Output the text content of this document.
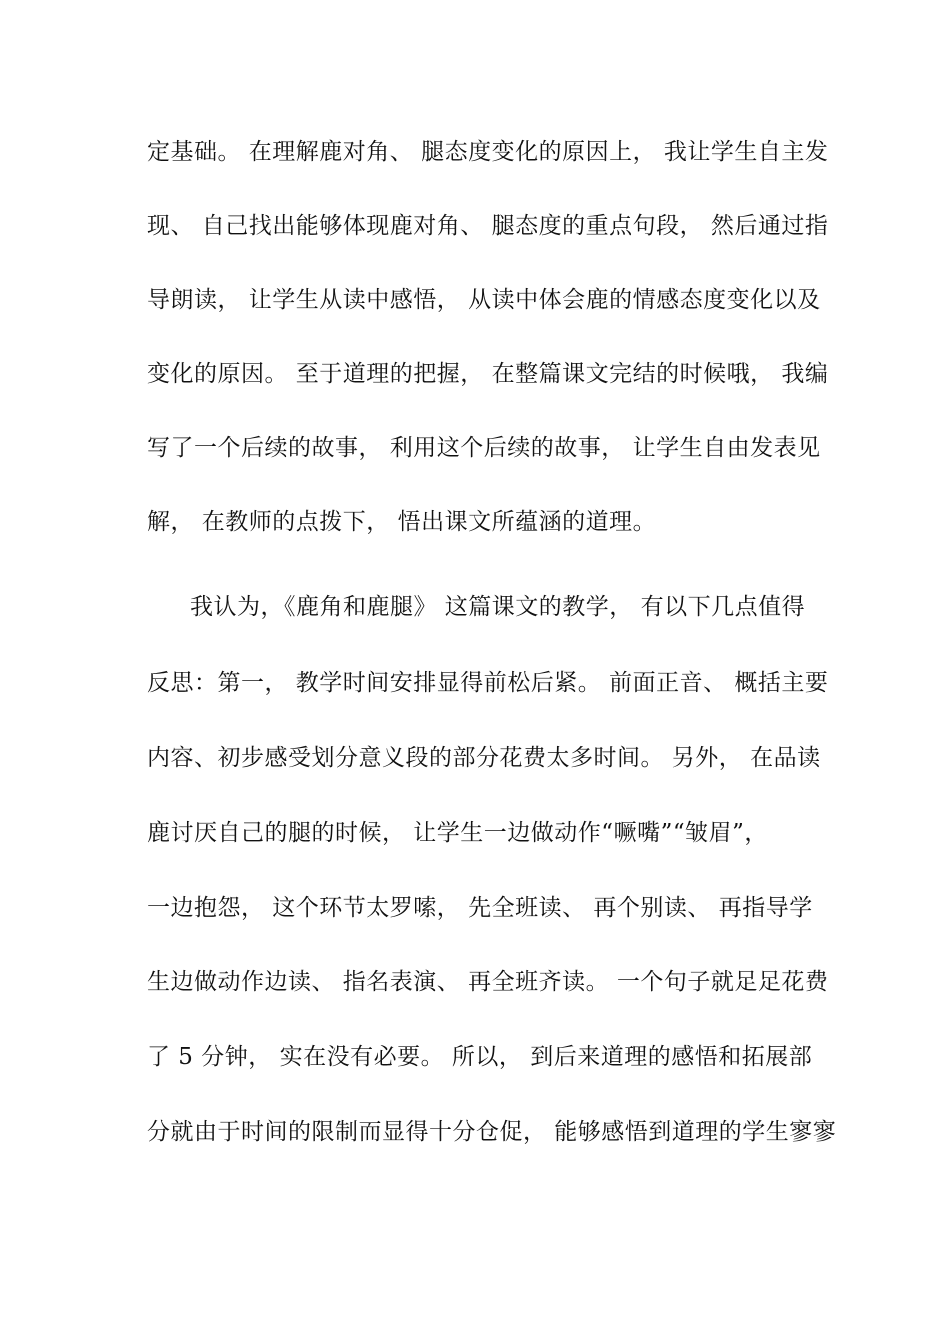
定基础。 在理解鹿对角、 腿态度变化的原因上， 我让学生自主发
现、 自己找出能够体现鹿对角、 腿态度的重点句段， 然后通过指
导朗读， 让学生从读中感悟， 从读中体会鹿的情感态度变化以及
变化的原因。 至于道理的把握， 在整篇课文完结的时候哦， 我编
写了一个后续的故事， 利用这个后续的故事， 让学生自由发表见
解， 在教师的点拨下， 悟出课文所蕴涵的道理。
我认为，《鹿角和鹿腿》 这篇课文的教学， 有以下几点值得
反思：第一， 教学时间安排显得前松后紧。 前面正音、 概括主要
内容、初步感受划分意义段的部分花费太多时间。 另外， 在品读
鹿讨厌自己的腿的时候， 让学生一边做动作“噘嘴”“皱眉”，
一边抱怨， 这个环节太罗嗦， 先全班读、 再个别读、 再指导学
生边做动作边读、 指名表演、 再全班齐读。 一个句子就足足花费
了 5 分钟， 实在没有必要。 所以， 到后来道理的感悟和拓展部
分就由于时间的限制而显得十分仓促， 能够感悟到道理的学生寥寥
